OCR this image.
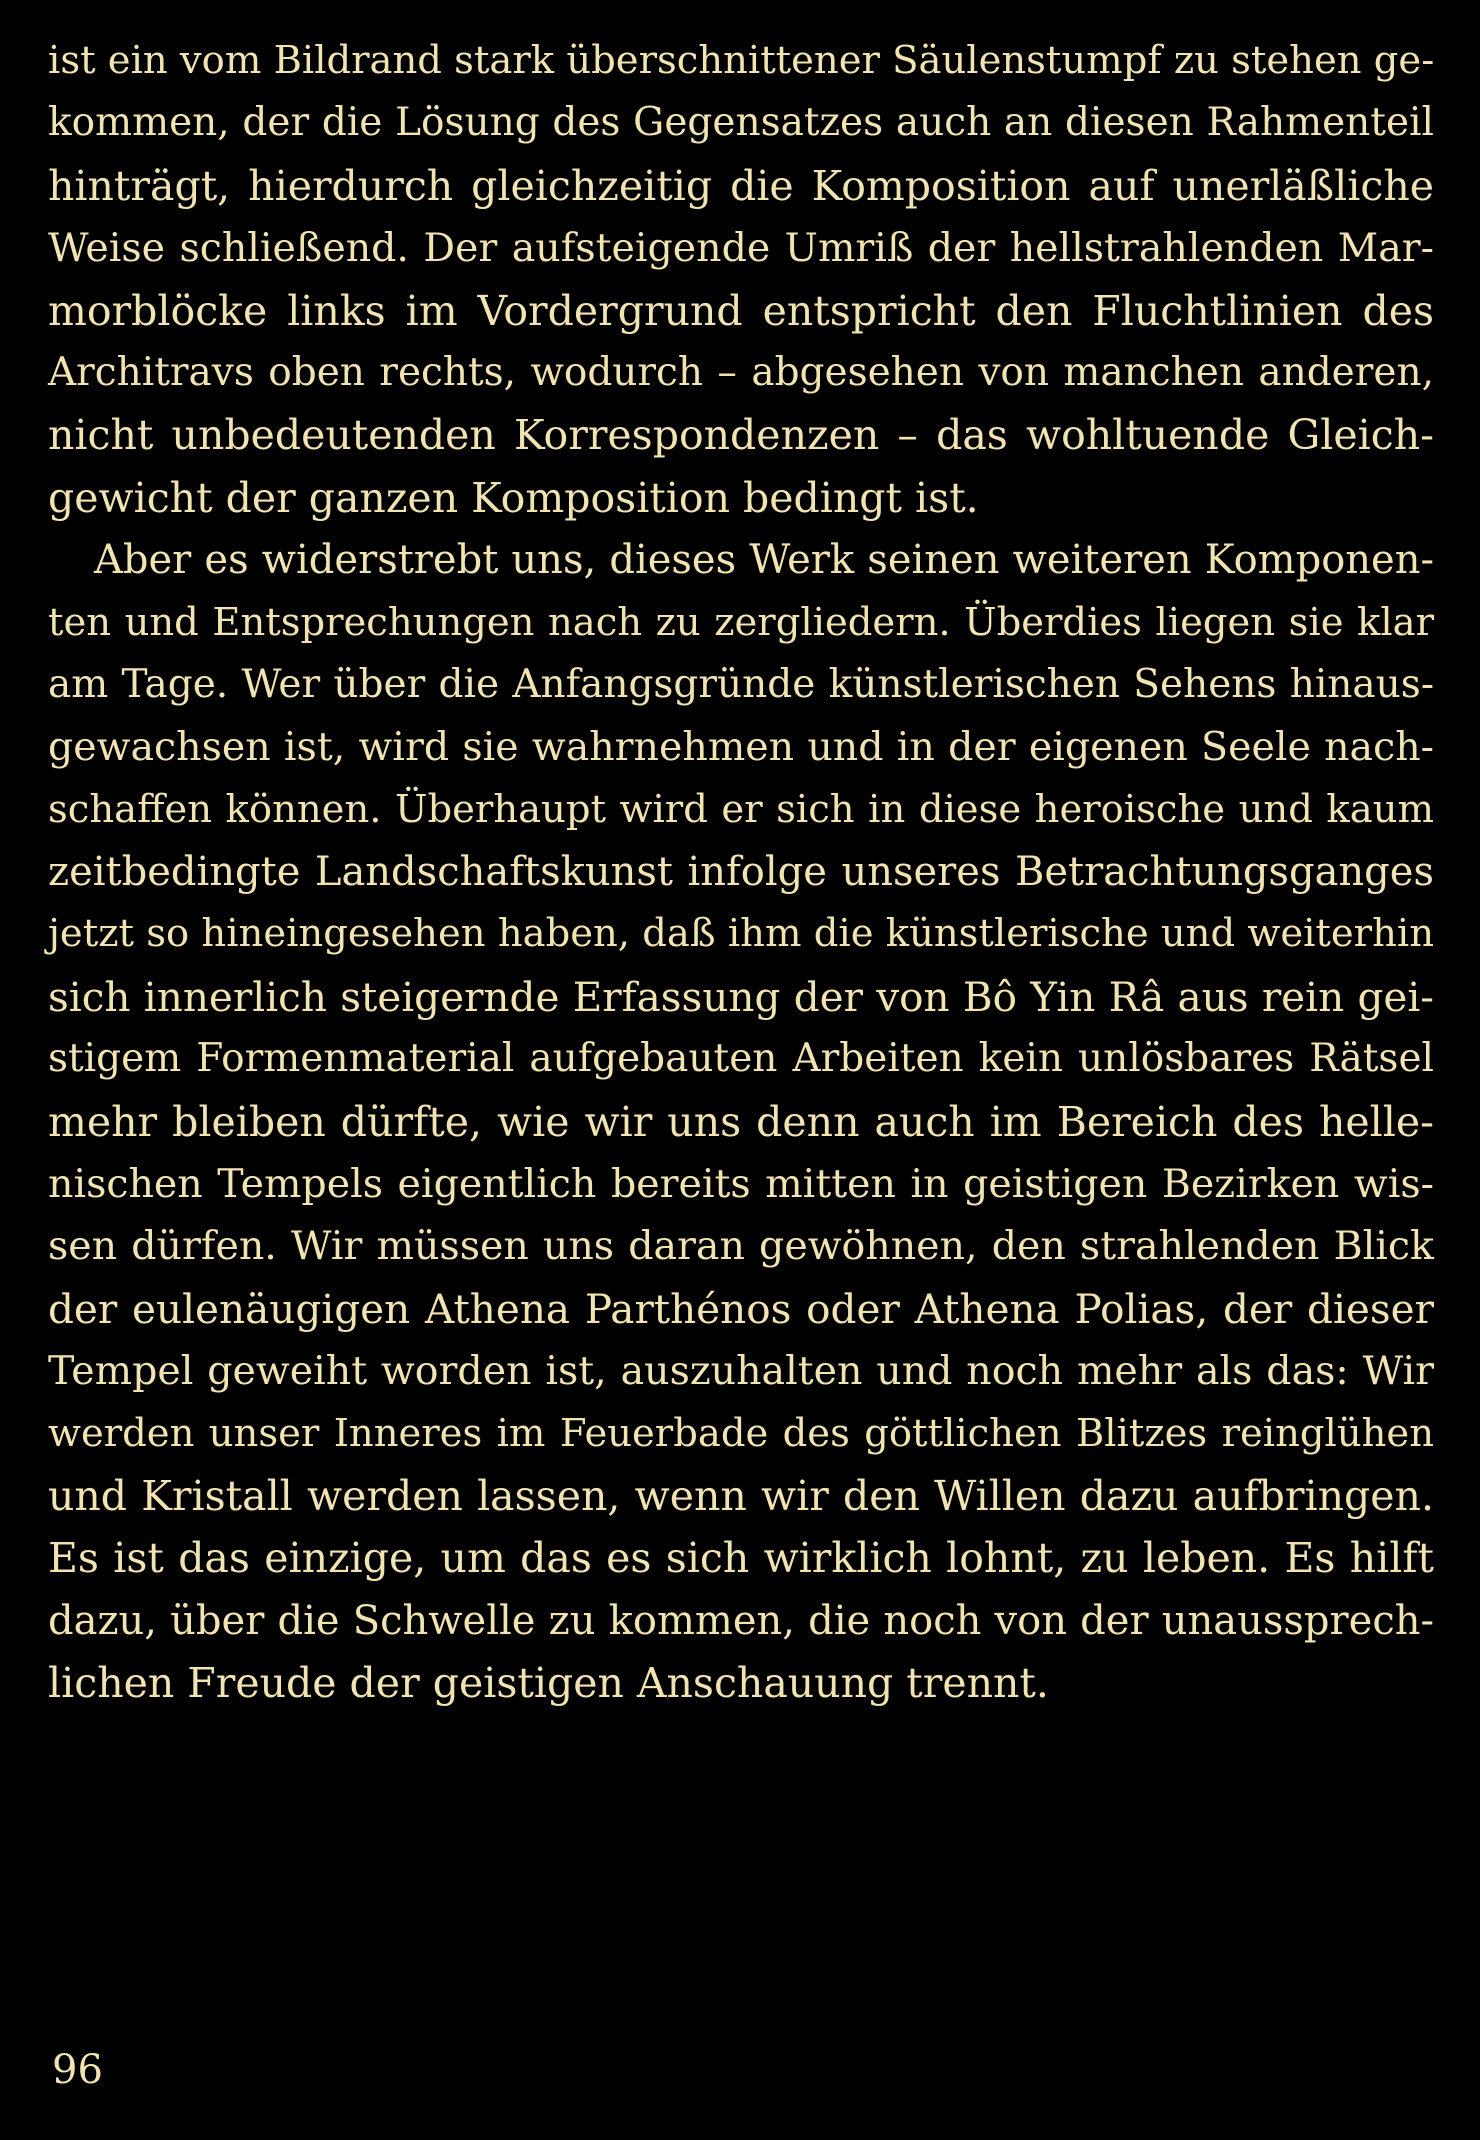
ist ein vom Bildrand stark überschnittener Säulenstumpf zu stehen ge-
kommen, der die Lösung des Gegensatzes auch an diesen Rahmenteil
hinträgt, hierdurch gleichzeitig die Komposition auf unerläßliche
Weise schließend. Der aufsteigende Umriß der hellstrahlenden Mar-
morblöcke links im Vordergrund entspricht den Fluchtlinien des
Architravs oben rechts, wodurch – abgesehen von manchen anderen,
nicht unbedeutenden Korrespondenzen – das wohltuende Gleich-
gewicht der ganzen Komposition bedingt ist.
Aber es widerstrebt uns, dieses Werk seinen weiteren Komponen-
ten und Entsprechungen nach zu zergliedern. Überdies liegen sie klar
am Tage. Wer über die Anfangsgründe künstlerischen Sehens hinaus-
gewachsen ist, wird sie wahrnehmen und in der eigenen Seele nach-
schaffen können. Überhaupt wird er sich in diese heroische und kaum
zeitbedingte Landschaftskunst infolge unseres Betrachtungsganges
jetzt so hineingesehen haben, daß ihm die künstlerische und weiterhin
sich innerlich steigernde Erfassung der von Bô Yin Râ aus rein gei-
stigem Formenmaterial aufgebauten Arbeiten kein unlösbares Rätsel
mehr bleiben dürfte, wie wir uns denn auch im Bereich des helle-
nischen Tempels eigentlich bereits mitten in geistigen Bezirken wis-
sen dürfen. Wir müssen uns daran gewöhnen, den strahlenden Blick
der eulenäugigen Athena Parthénos oder Athena Polias, der dieser
Tempel geweiht worden ist, auszuhalten und noch mehr als das: Wir
werden unser Inneres im Feuerbade des göttlichen Blitzes reinglühen
und Kristall werden lassen, wenn wir den Willen dazu aufbringen.
Es ist das einzige, um das es sich wirklich lohnt, zu leben. Es hilft
dazu, über die Schwelle zu kommen, die noch von der unaussprech-
lichen Freude der geistigen Anschauung trennt.
96
